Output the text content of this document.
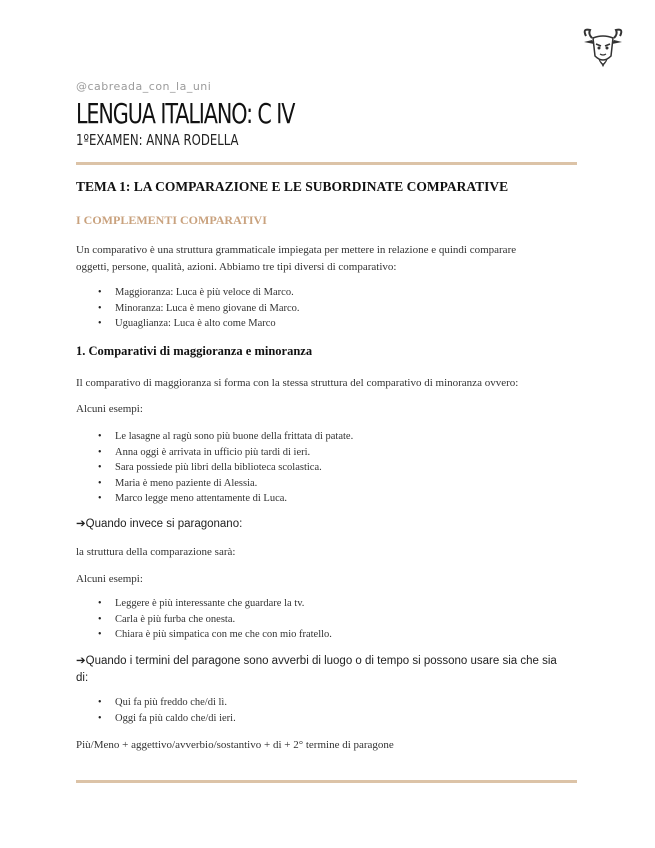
@cabreada_con_la_uni
LENGUA ITALIANO: C IV
1ºEXAMEN: ANNA RODELLA
TEMA 1: LA COMPARAZIONE E LE SUBORDINATE COMPARATIVE
I COMPLEMENTI COMPARATIVI
Un comparativo è una struttura grammaticale impiegata per mettere in relazione e quindi comparare
oggetti, persone, qualità, azioni. Abbiamo tre tipi diversi di comparativo:
• Maggioranza: Luca è più veloce di Marco.
• Minoranza: Luca è meno giovane di Marco.
• Uguaglianza: Luca è alto come Marco
1. Comparativi di maggioranza e minoranza
Il comparativo di maggioranza si forma con la stessa struttura del comparativo di minoranza ovvero:
Alcuni esempi:
• Le lasagne al ragù sono più buone della frittata di patate.
• Anna oggi è arrivata in ufficio più tardi di ieri.
• Sara possiede più libri della biblioteca scolastica.
• Maria è meno paziente di Alessia.
• Marco legge meno attentamente di Luca.
➔Quando invece si paragonano:
la struttura della comparazione sarà:
Alcuni esempi:
• Leggere è più interessante che guardare la tv.
• Carla è più furba che onesta.
• Chiara è più simpatica con me che con mio fratello.
➔Quando i termini del paragone sono avverbi di luogo o di tempo si possono usare sia che sia
di:
• Qui fa più freddo che/di lì.
• Oggi fa più caldo che/di ieri.
Più/Meno + aggettivo/avverbio/sostantivo + di + 2° termine di paragone
